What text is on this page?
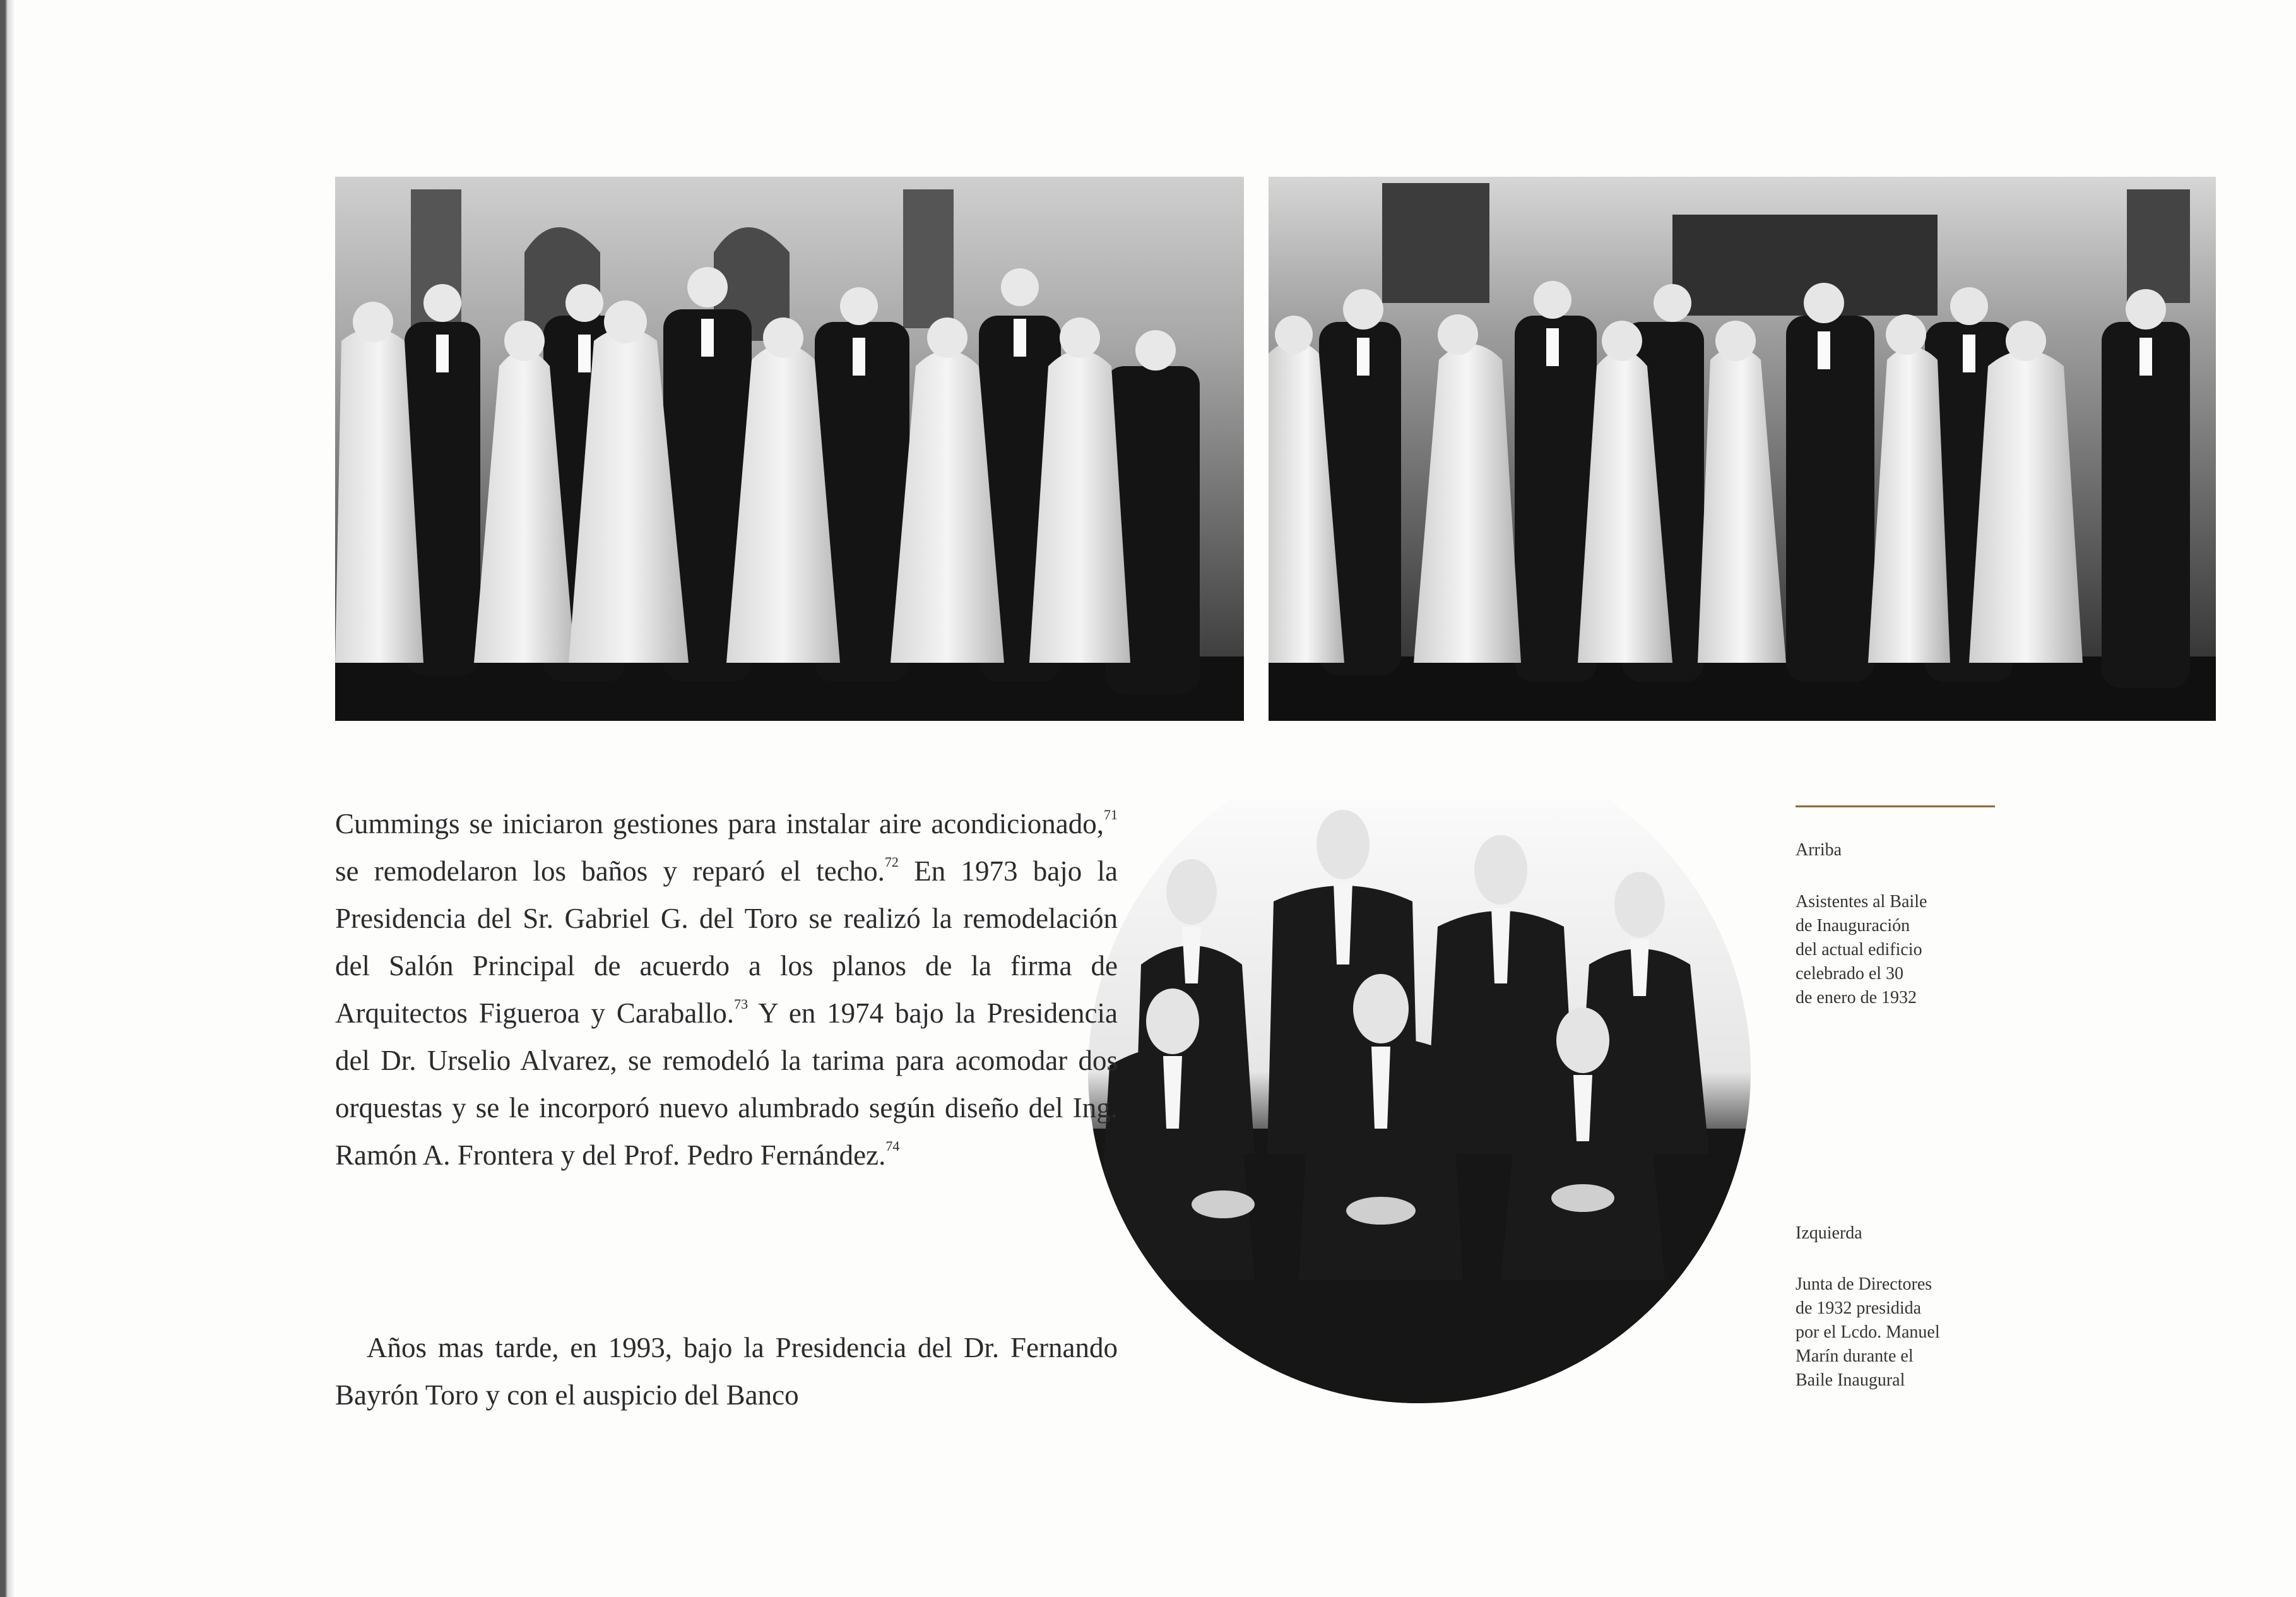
Cummings se iniciaron gestiones para instalar aire acondicionado,$^{71}$ se remodelaron los baños y reparó el techo.$^{72}$ En 1973 bajo la Presidencia del Sr. Gabriel G. del Toro se realizó la remodelación del Salón Principal de acuerdo a los planos de la firma de Arquitectos Figueroa y Caraballo.$^{73}$ Y en 1974 bajo la Presidencia del Dr. Urselio Alvarez, se remodeló la tarima para acomodar dos orquestas y se le incorporó nuevo alumbrado según diseño del Ing. Ramón A. Frontera y del Prof. Pedro Fernández.$^{74}$

Años mas tarde, en 1993, bajo la Presidencia del Dr. Fernando Bayrón Toro y con el auspicio del Banco

Arriba
Asistentes al Baile
de Inauguración
del actual edificio
celebrado el 30
de enero de 1932
Izquierda
Junta de Directores
de 1932 presidida
por el Lcdo. Manuel
Marín durante el
Baile Inaugural
